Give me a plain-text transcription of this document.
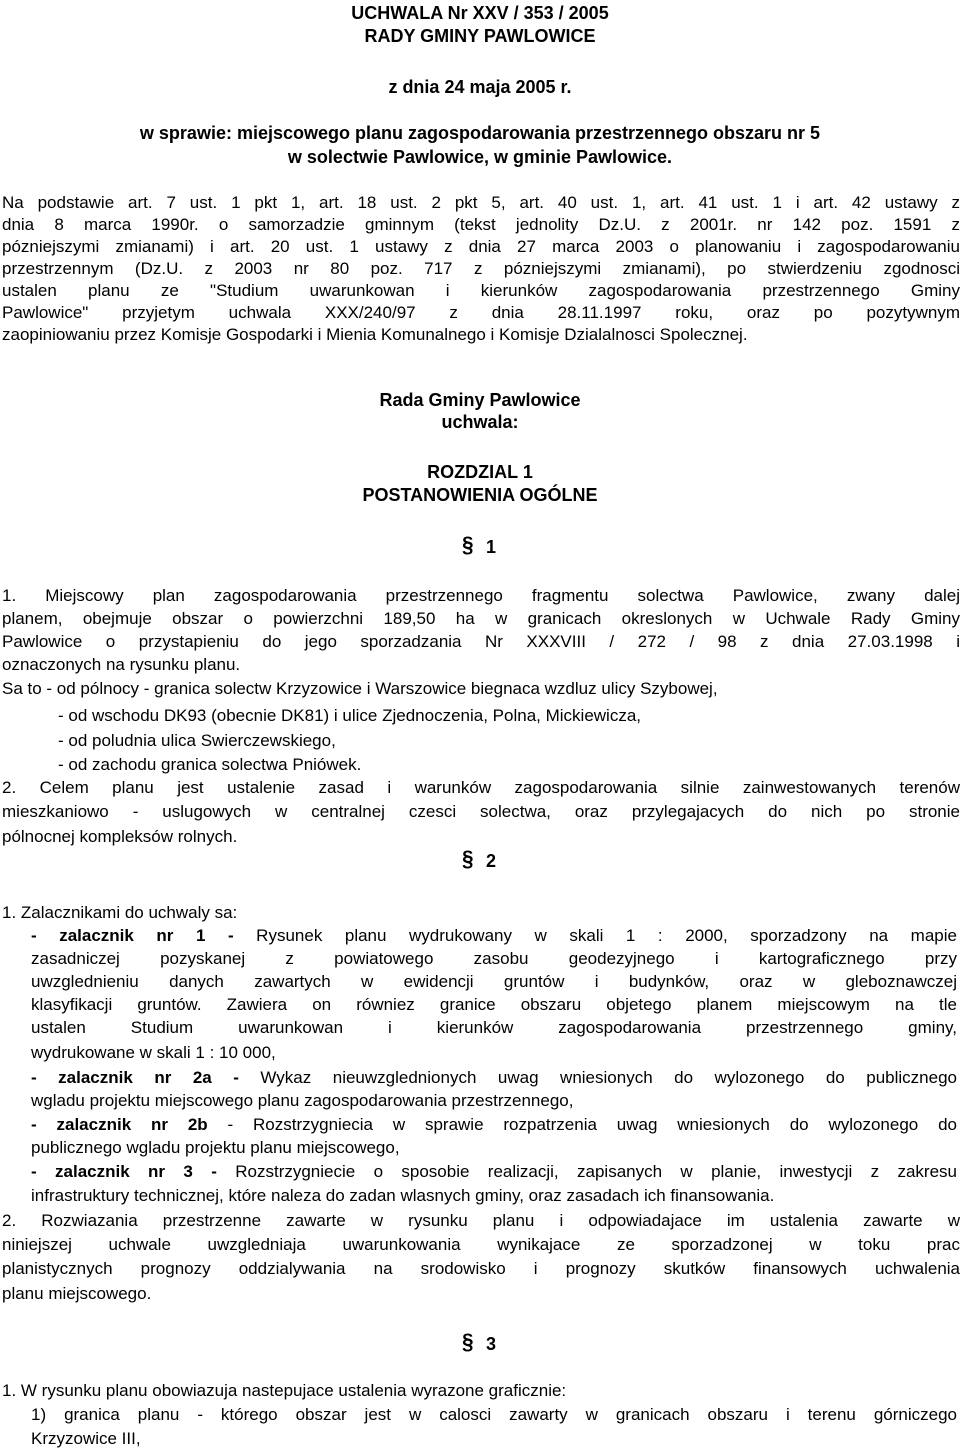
UCHWALA Nr XXV / 353 / 2005
RADY GMINY PAWLOWICE
z dnia 24 maja 2005 r.
w sprawie: miejscowego planu zagospodarowania przestrzennego obszaru nr 5
w solectwie Pawlowice, w gminie Pawlowice.
Na podstawie art. 7 ust. 1 pkt 1, art. 18 ust. 2 pkt 5, art. 40 ust. 1, art. 41 ust. 1 i art. 42 ustawy z
dnia 8 marca 1990r. o samorzadzie gminnym (tekst jednolity Dz.U. z 2001r. nr 142 poz. 1591 z
pózniejszymi zmianami) i art. 20 ust. 1 ustawy z dnia 27 marca 2003 o planowaniu i zagospodarowaniu
przestrzennym (Dz.U. z 2003 nr 80 poz. 717 z pózniejszymi zmianami), po stwierdzeniu zgodnosci
ustalen planu ze "Studium uwarunkowan i kierunków zagospodarowania przestrzennego Gminy
Pawlowice" przyjetym uchwala XXX/240/97 z dnia 28.11.1997 roku, oraz po pozytywnym
zaopiniowaniu przez Komisje Gospodarki i Mienia Komunalnego i Komisje Dzialalnosci Spolecznej.
Rada Gminy Pawlowice
uchwala:
ROZDZIAL 1
POSTANOWIENIA OGÓLNE
§ 1
1. Miejscowy plan zagospodarowania przestrzennego fragmentu solectwa Pawlowice, zwany dalej
planem, obejmuje obszar o powierzchni 189,50 ha w granicach okreslonych w Uchwale Rady Gminy
Pawlowice o przystapieniu do jego sporzadzania Nr XXXVIII / 272 / 98 z dnia 27.03.1998 i
oznaczonych na rysunku planu.
Sa to - od pólnocy - granica solectw Krzyzowice i Warszowice biegnaca wzdluz ulicy Szybowej,
- od wschodu DK93 (obecnie DK81) i ulice Zjednoczenia, Polna, Mickiewicza,
- od poludnia ulica Swierczewskiego,
- od zachodu granica solectwa Pniówek.
2. Celem planu jest ustalenie zasad i warunków zagospodarowania silnie zainwestowanych terenów
mieszkaniowo - uslugowych w centralnej czesci solectwa, oraz przylegajacych do nich po stronie
pólnocnej kompleksów rolnych.
§ 2
1. Zalacznikami do uchwaly sa:
- zalacznik nr 1 - Rysunek planu wydrukowany w skali 1 : 2000, sporzadzony na mapie
zasadniczej pozyskanej z powiatowego zasobu geodezyjnego i kartograficznego przy
uwzglednieniu danych zawartych w ewidencji gruntów i budynków, oraz w gleboznawczej
klasyfikacji gruntów. Zawiera on równiez granice obszaru objetego planem miejscowym na tle
ustalen Studium uwarunkowan i kierunków zagospodarowania przestrzennego gminy,
wydrukowane w skali 1 : 10 000,
- zalacznik nr 2a - Wykaz nieuwzglednionych uwag wniesionych do wylozonego do publicznego
wgladu projektu miejscowego planu zagospodarowania przestrzennego,
- zalacznik nr 2b - Rozstrzygniecia w sprawie rozpatrzenia uwag wniesionych do wylozonego do
publicznego wgladu projektu planu miejscowego,
- zalacznik nr 3 - Rozstrzygniecie o sposobie realizacji, zapisanych w planie, inwestycji z zakresu
infrastruktury technicznej, które naleza do zadan wlasnych gminy, oraz zasadach ich finansowania.
2. Rozwiazania przestrzenne zawarte w rysunku planu i odpowiadajace im ustalenia zawarte w
niniejszej uchwale uwzgledniaja uwarunkowania wynikajace ze sporzadzonej w toku prac
planistycznych prognozy oddzialywania na srodowisko i prognozy skutków finansowych uchwalenia
planu miejscowego.
§ 3
1. W rysunku planu obowiazuja nastepujace ustalenia wyrazone graficznie:
1) granica planu - którego obszar jest w calosci zawarty w granicach obszaru i terenu górniczego
Krzyzowice III,
